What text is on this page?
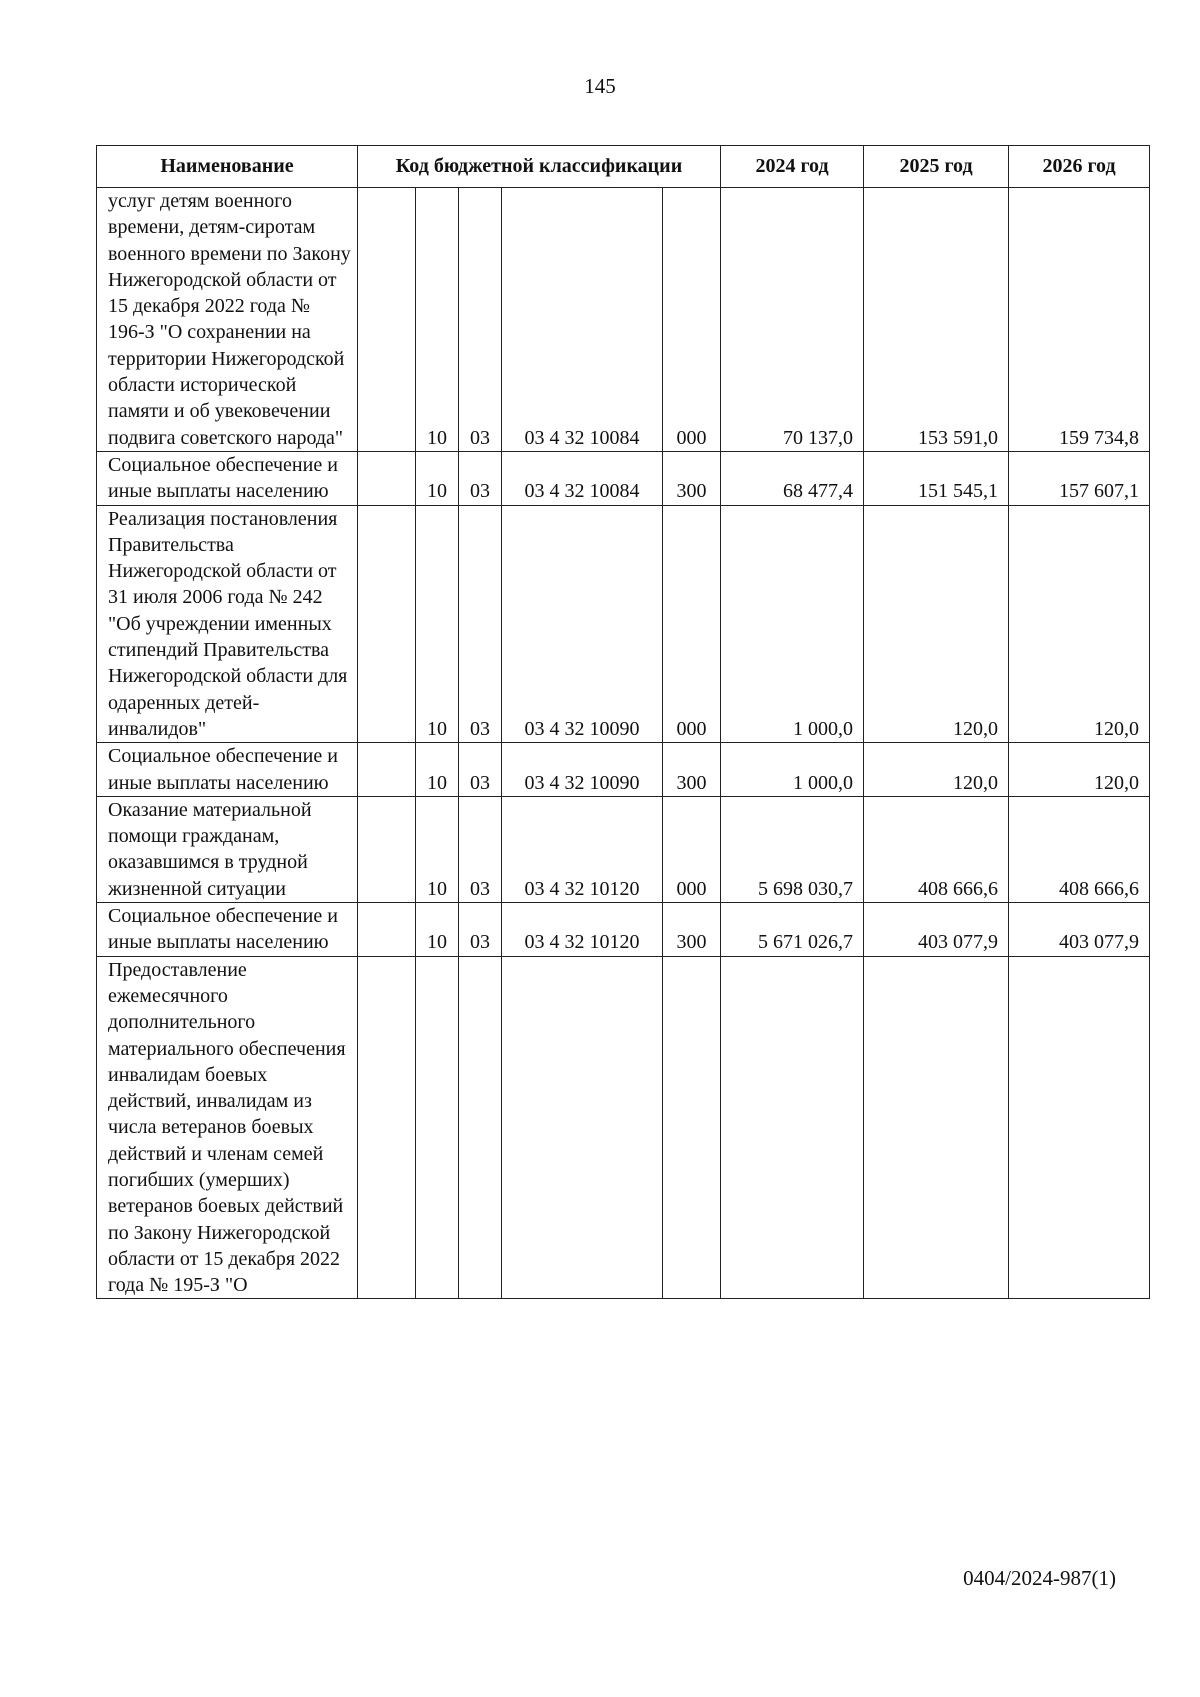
145
Наименование	Код бюджетной классификации					2024 год	2025 год	2026 год
услуг детям военного времени, детям-сиротам военного времени по Закону Нижегородской области от 15 декабря 2022 года № 196-З "О сохранении на территории Нижегородской области исторической памяти и об увековечении подвига советского народа"		10	03	03 4 32 10084	000	70 137,0	153 591,0	159 734,8
Социальное обеспечение и иные выплаты населению		10	03	03 4 32 10084	300	68 477,4	151 545,1	157 607,1
Реализация постановления Правительства Нижегородской области от 31 июля 2006 года № 242 "Об учреждении именных стипендий Правительства Нижегородской области для одаренных детей-инвалидов"		10	03	03 4 32 10090	000	1 000,0	120,0	120,0
Социальное обеспечение и иные выплаты населению		10	03	03 4 32 10090	300	1 000,0	120,0	120,0
Оказание материальной помощи гражданам, оказавшимся в трудной жизненной ситуации		10	03	03 4 32 10120	000	5 698 030,7	408 666,6	408 666,6
Социальное обеспечение и иные выплаты населению		10	03	03 4 32 10120	300	5 671 026,7	403 077,9	403 077,9
Предоставление ежемесячного дополнительного материального обеспечения инвалидам боевых действий, инвалидам из числа ветеранов боевых действий и членам семей погибших (умерших) ветеранов боевых действий по Закону Нижегородской области от 15 декабря 2022 года № 195-З "О								
0404/2024-987(1)
